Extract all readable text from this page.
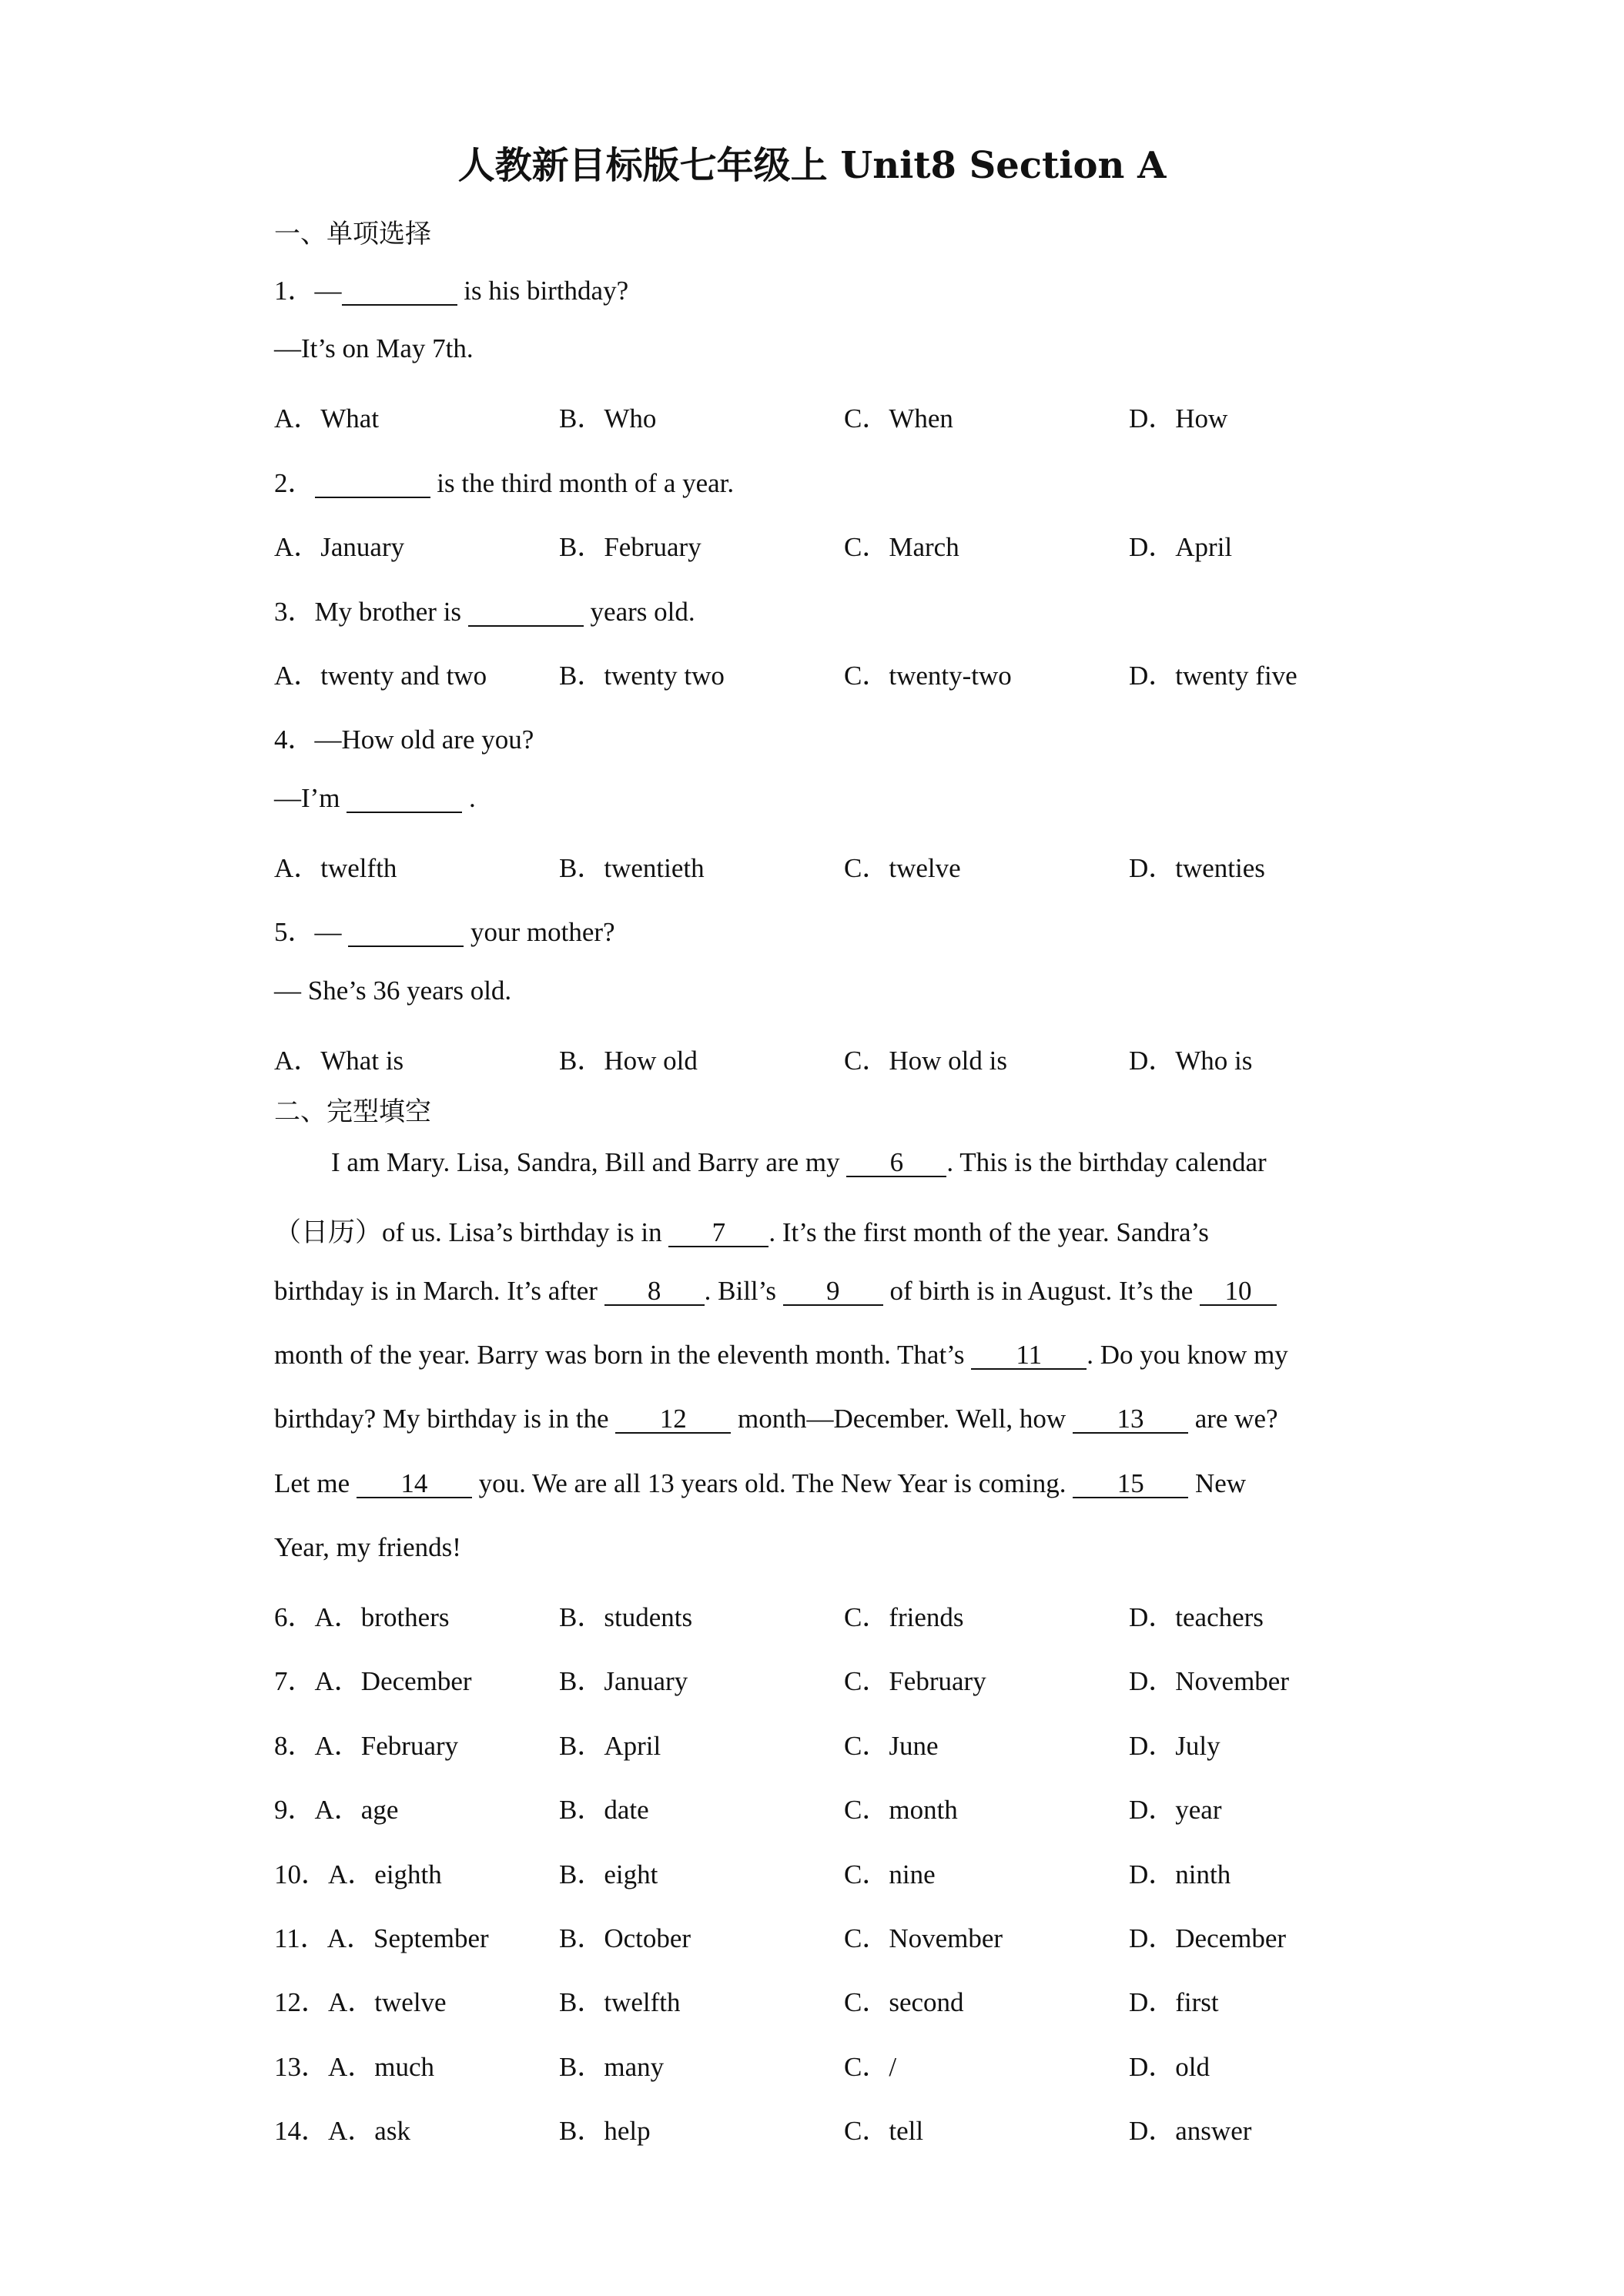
人教新目标版七年级上 Unit8 Section A
一、单项选择
1．—	is his birthday?
—It’s on May 7th.
A．What	B．Who	C．When	D．How
2．	is the third month of a year.
A．January	B．February	C．March	D．April
3．My brother is	years old.
A．twenty and two	B．twenty two	C．twenty-two	D．twenty five
4．—How old are you?
—I’m	.
A．twelfth	B．twentieth	C．twelve	D．twenties
5．—	your mother?
— She’s 36 years old.
A．What is	B．How old	C．How old is	D．Who is
二、完型填空
I am Mary. Lisa, Sandra, Bill and Barry are my 6 . This is the birthday calendar
（日历）of us. Lisa’s birthday is in 7 . It’s the first month of the year. Sandra’s
birthday is in March. It’s after 8 . Bill’s 9 of birth is in August. It’s the 10
month of the year. Barry was born in the eleventh month. That’s 11 . Do you know my
birthday? My birthday is in the 12 month—December. Well, how 13 are we?
Let me 14 you. We are all 13 years old. The New Year is coming. 15 New
Year, my friends!
6．A．brothers	B．students	C．friends	D．teachers
7．A．December	B．January	C．February	D．November
8．A．February	B．April	C．June	D．July
9．A．age	B．date	C．month	D．year
10．A．eighth	B．eight	C．nine	D．ninth
11．A．September	B．October	C．November	D．December
12．A．twelve	B．twelfth	C．second	D．first
13．A．much	B．many	C．/	D．old
14．A．ask	B．help	C．tell	D．answer
